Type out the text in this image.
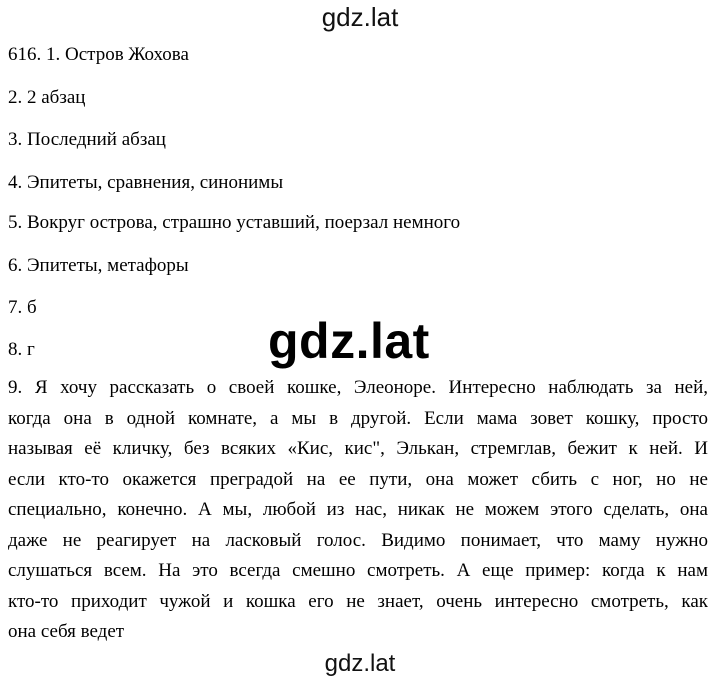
gdz.lat
616. 1. Остров Жохова
2. 2 абзац
3. Последний абзац
4. Эпитеты, сравнения, синонимы
5. Вокруг острова, страшно уставший, поерзал немного
6. Эпитеты, метафоры
7. б
8. г	gdz.lat
9. Я хочу рассказать о своей кошке, Элеоноре. Интересно наблюдать за ней,
когда она в одной комнате, а мы в другой. Если мама зовет кошку, просто
называя её кличку, без всяких «Кис, кис", Элькан, стремглав, бежит к ней. И
если кто-то окажется преградой на ее пути, она может сбить с ног, но не
специально, конечно. А мы, любой из нас, никак не можем этого сделать, она
даже не реагирует на ласковый голос. Видимо понимает, что маму нужно
слушаться всем. На это всегда смешно смотреть. А еще пример: когда к нам
кто-то приходит чужой и кошка его не знает, очень интересно смотреть, как
она себя ведет
gdz.lat
